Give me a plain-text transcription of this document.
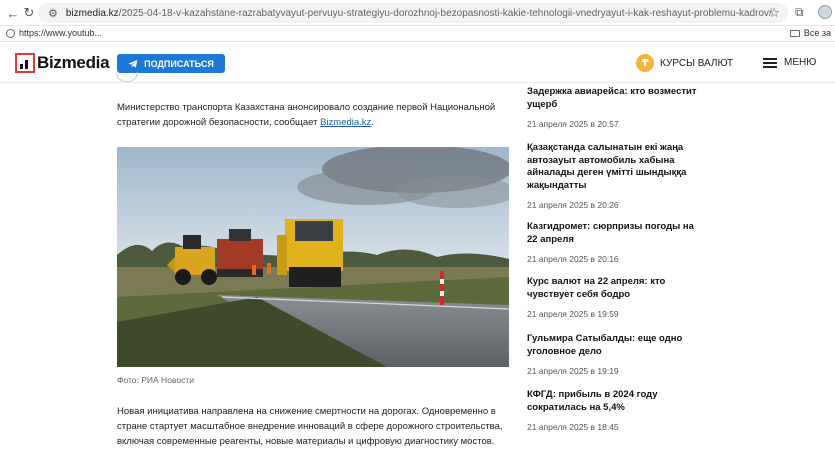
← ↻	⚙ bizmedia.kz/2025-04-18-v-kazahstane-razrabatyvayut-pervuyu-strategiyu-dorozhnoj-bezopasnosti-kakie-tehnologii-vnedryayut-i-kak-reshayut-problemu-kadrov/
☆ ⧉
https://www.youtub...	Все за
Bizmedia	ПОДПИСАТЬСЯ	₸	КУРСЫ ВАЛЮТ	МЕНЮ

Министерство транспорта Казахстана анонсировало создание первой Национальной стратегии дорожной безопасности, сообщает Bizmedia.kz.

Фото: РИА Новости

Новая инициатива направлена на снижение смертности на дорогах. Одновременно в стране стартует масштабное внедрение инноваций в сфере дорожного строительства, включая современные реагенты, новые материалы и цифровую диагностику мостов.

Задержка авиарейса: кто возместит ущерб
21 апреля 2025 в 20:57
Қазақстанда салынатын екі жаңа автозауыт автомобиль хабына айналады деген үмітті шындыққа жақындатты
21 апреля 2025 в 20:26
Казгидромет: сюрпризы погоды на 22 апреля
21 апреля 2025 в 20:16
Курс валют на 22 апреля: кто чувствует себя бодро
21 апреля 2025 в 19:59
Гульмира Сатыбалды: еще одно уголовное дело
21 апреля 2025 в 19:19
КФГД: прибыль в 2024 году сократилась на 5,4%
21 апреля 2025 в 18:45
